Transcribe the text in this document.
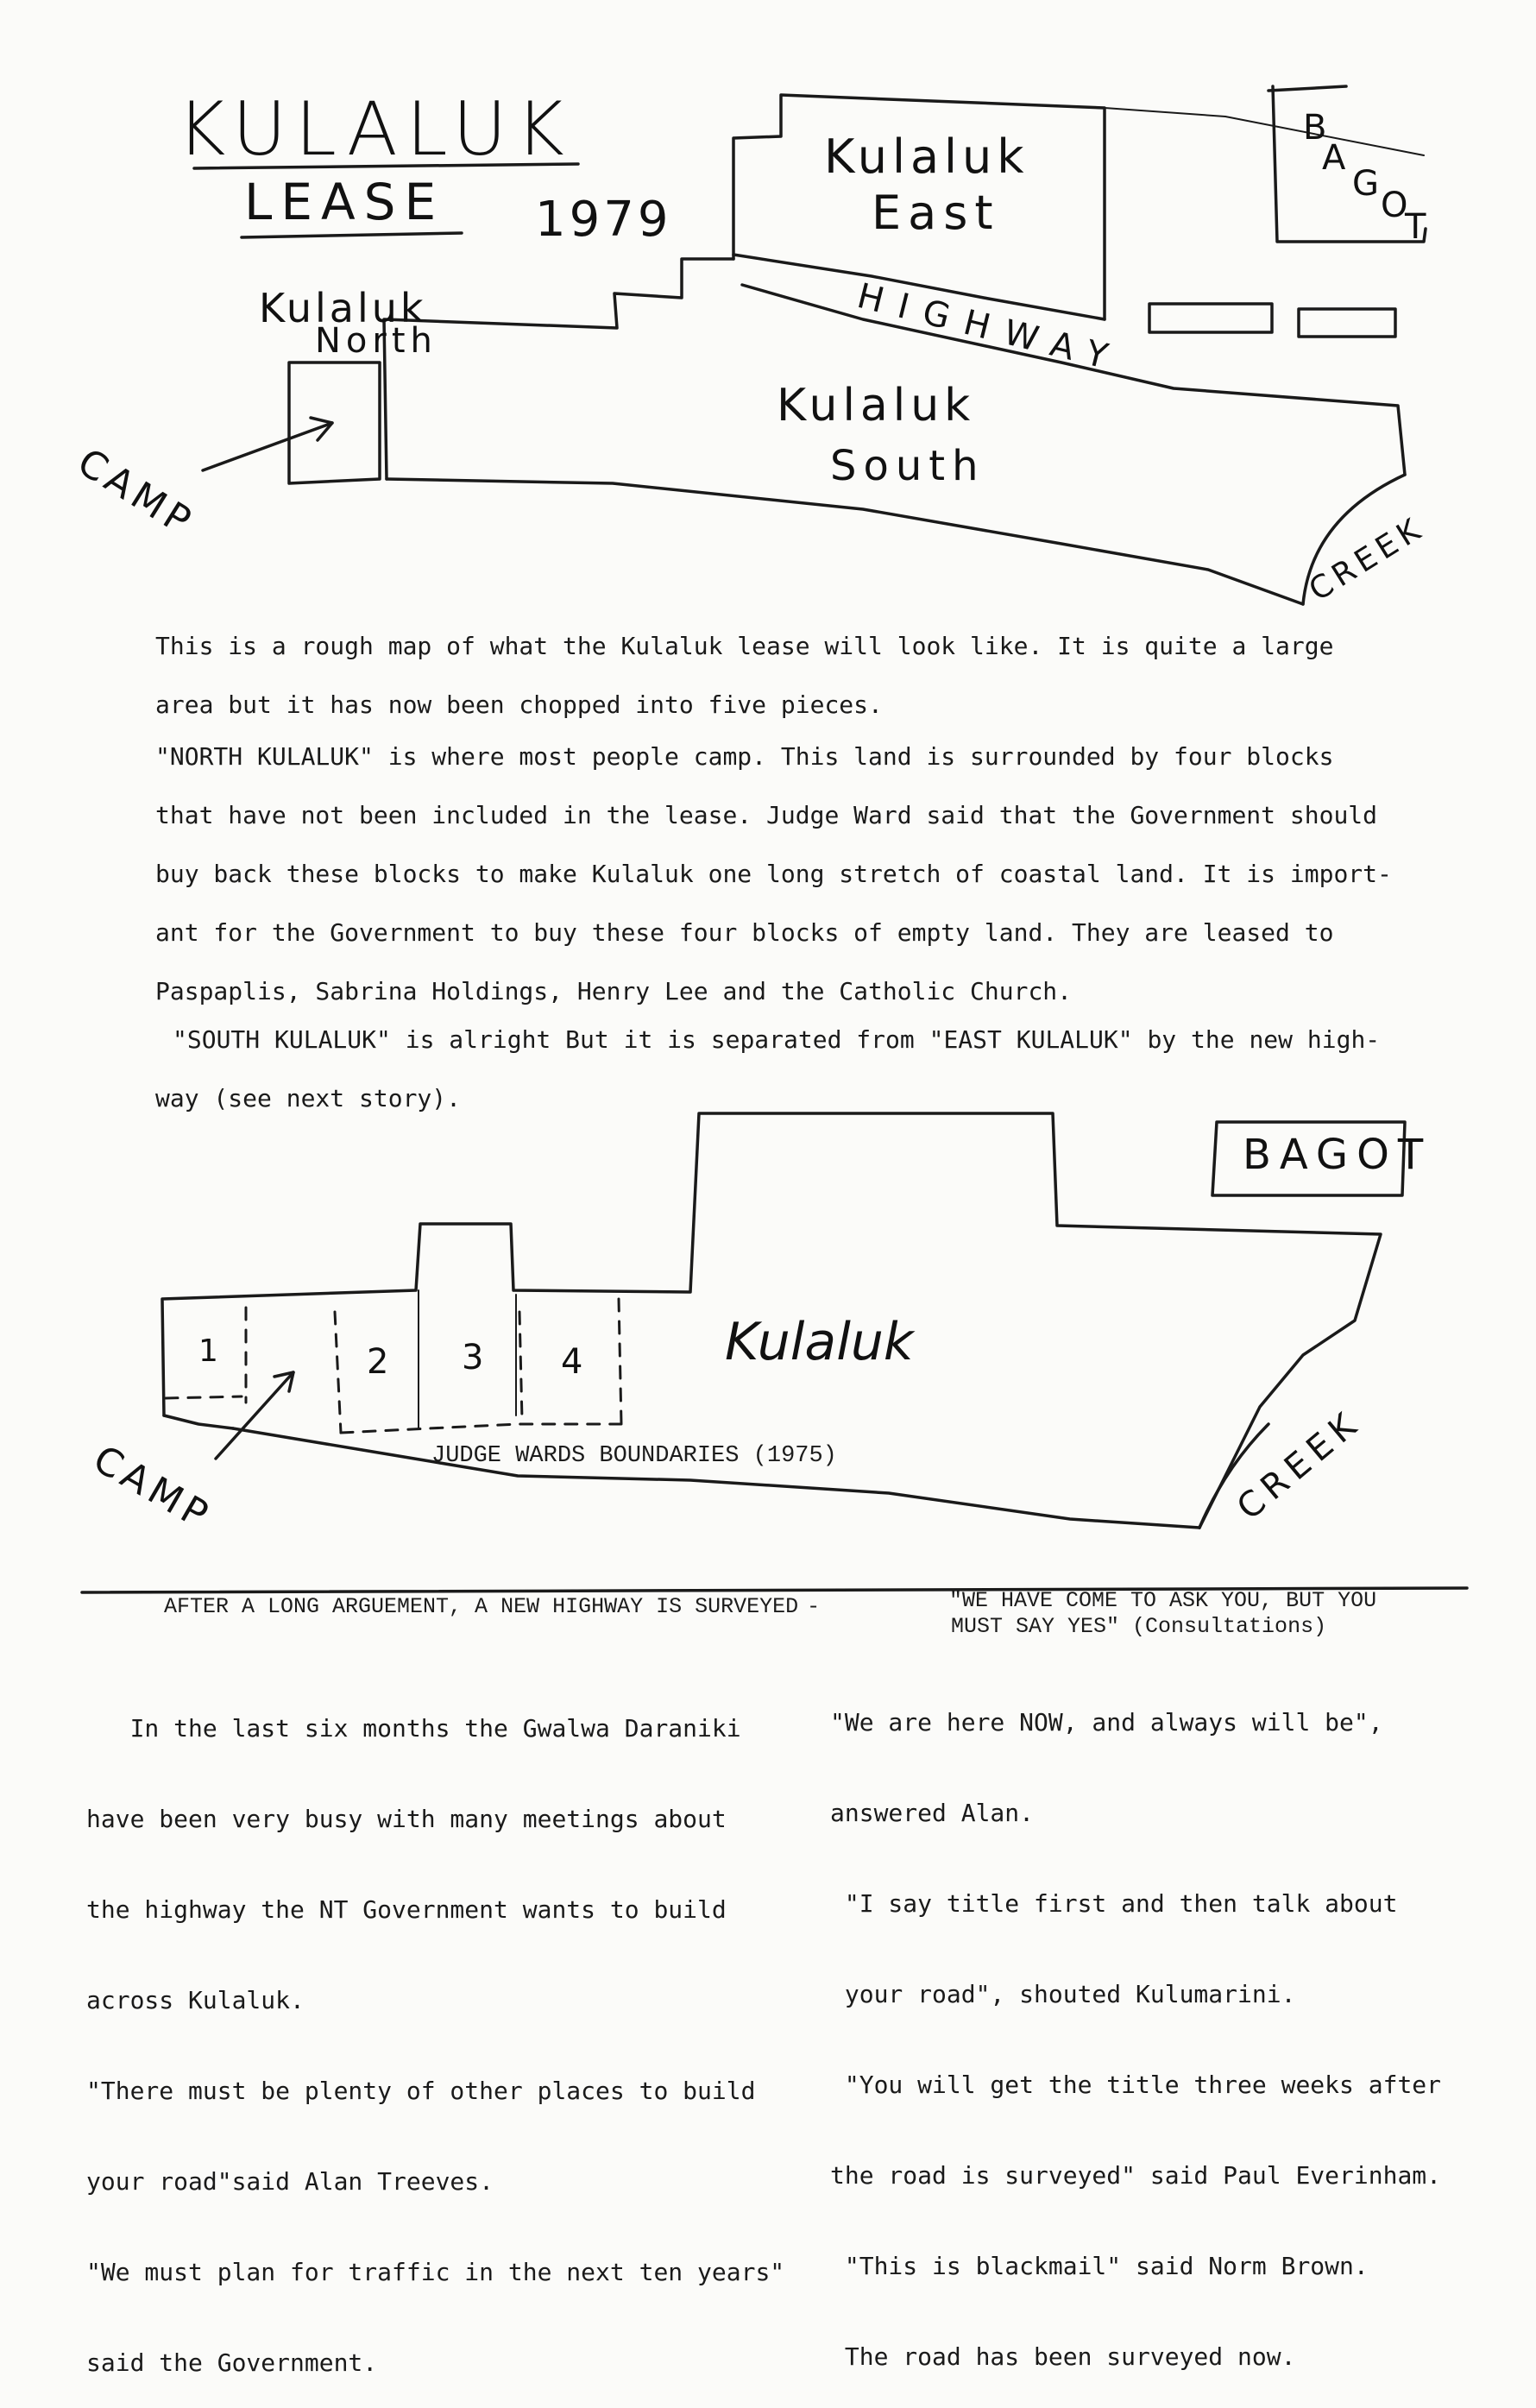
KULALUK
LEASE 1979
Kulaluk
East
B
A
G
O
T
HIGHWAY
Kulaluk
North
Kulaluk
South
CAMP
CREEK

This is a rough map of what the Kulaluk lease will look like. It is quite a large

area but it has now been chopped into five pieces.

"NORTH KULALUK" is where most people camp. This land is surrounded by four blocks

that have not been included in the lease. Judge Ward said that the Government should

buy back these blocks to make Kulaluk one long stretch of coastal land. It is import-

ant for the Government to buy these four blocks of empty land. They are leased to

Paspaplis, Sabrina Holdings, Henry Lee and the Catholic Church.

"SOUTH KULALUK" is alright But it is separated from "EAST KULALUK" by the new high-

way (see next story).

BAGOT
Kulaluk
1	2 3 4
JUDGE WARDS BOUNDARIES (1975)
CAMP	CREEK
AFTER A LONG ARGUEMENT, A NEW HIGHWAY IS SURVEYED -	"WE HAVE COME TO ASK YOU, BUT YOU
MUST SAY YES" (Consultations)

In the last six months the Gwalwa Daraniki

have been very busy with many meetings about

the highway the NT Government wants to build

across Kulaluk.

"There must be plenty of other places to build

your road"said Alan Treeves.

"We must plan for traffic in the next ten years"

said the Government.

"We are here NOW, and always will be",

answered Alan.

"I say title first and then talk about

your road", shouted Kulumarini.

"You will get the title three weeks after

the road is surveyed" said Paul Everinham.

"This is blackmail" said Norm Brown.

The road has been surveyed now.
